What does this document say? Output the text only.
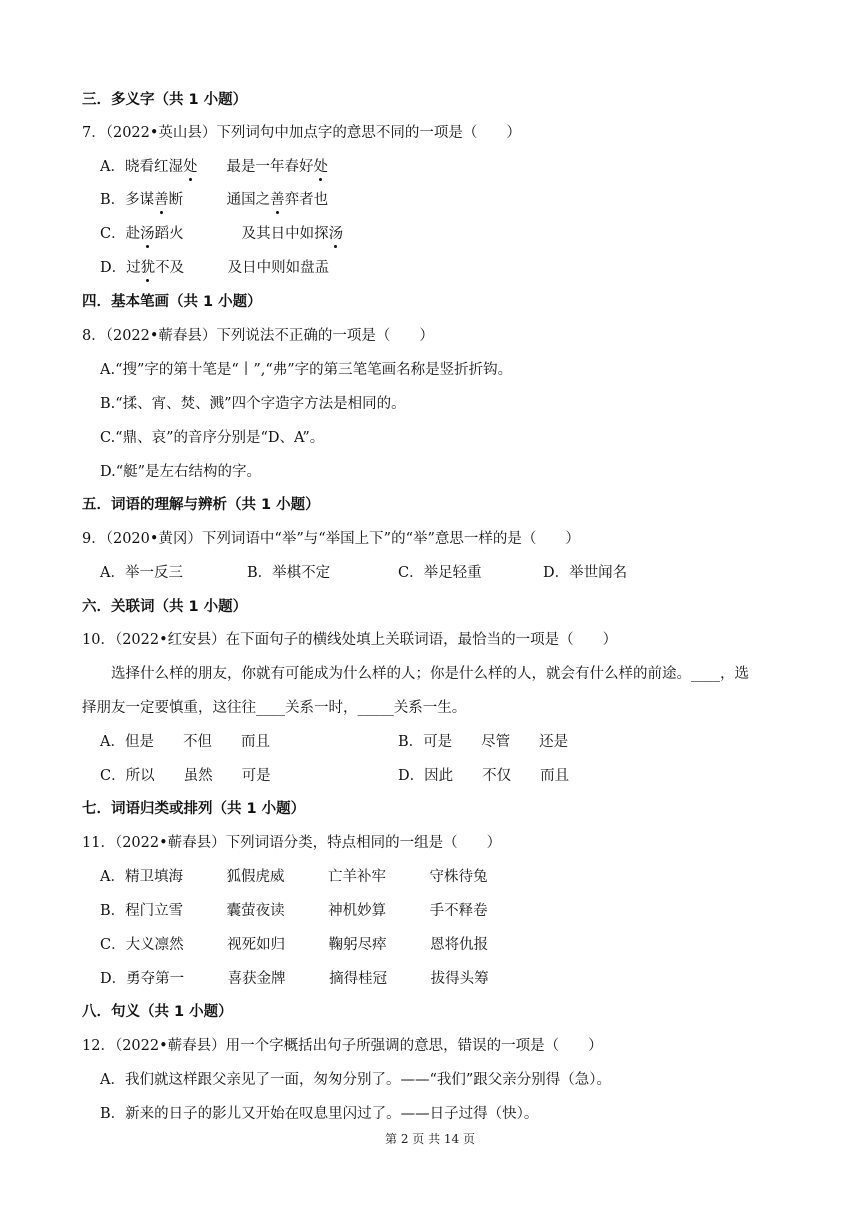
三．多义字（共 1 小题）
7．（2022•英山县）下列词句中加点字的意思不同的一项是（　　）
A．晓看红湿处　　最是一年春好处
B．多谋善断　　　通国之善弈者也
C．赴汤蹈火　　　　及其日中如探汤
D．过犹不及　　　及日中则如盘盂
四．基本笔画（共 1 小题）
8．（2022•蕲春县）下列说法不正确的一项是（　　）
A.“搜”字的第十笔是“丨”,“弗”字的第三笔笔画名称是竖折折钩。
B.“揉、宵、焚、溅”四个字造字方法是相同的。
C.“鼎、哀”的音序分别是“D、A”。
D.“艇”是左右结构的字。
五．词语的理解与辨析（共 1 小题）
9．（2020•黄冈）下列词语中“举”与“举国上下”的“举”意思一样的是（　　）
A．举一反三	B．举棋不定	C．举足轻重	D．举世闻名
六．关联词（共 1 小题）
10．（2022•红安县）在下面句子的横线处填上关联词语，最恰当的一项是（　　）
　　选择什么样的朋友，你就有可能成为什么样的人；你是什么样的人，就会有什么样的前途。____，选
择朋友一定要慎重，这往往____关系一时，_____关系一生。
A．但是　　不但　　而且	B．可是　　尽管　　还是
C．所以　　虽然　　可是	D．因此　　不仅　　而且
七．词语归类或排列（共 1 小题）
11．（2022•蕲春县）下列词语分类，特点相同的一组是（　　）
A．精卫填海　　　狐假虎威　　　亡羊补牢　　　守株待兔
B．程门立雪　　　囊萤夜读　　　神机妙算　　　手不释卷
C．大义凛然　　　视死如归　　　鞠躬尽瘁　　　恩将仇报
D．勇夺第一　　　喜获金牌　　　摘得桂冠　　　拔得头筹
八．句义（共 1 小题）
12．（2022•蕲春县）用一个字概括出句子所强调的意思，错误的一项是（　　）
A．我们就这样跟父亲见了一面，匆匆分别了。——“我们”跟父亲分别得（急）。
B．新来的日子的影儿又开始在叹息里闪过了。——日子过得（快）。
第 2 页 共 14 页
